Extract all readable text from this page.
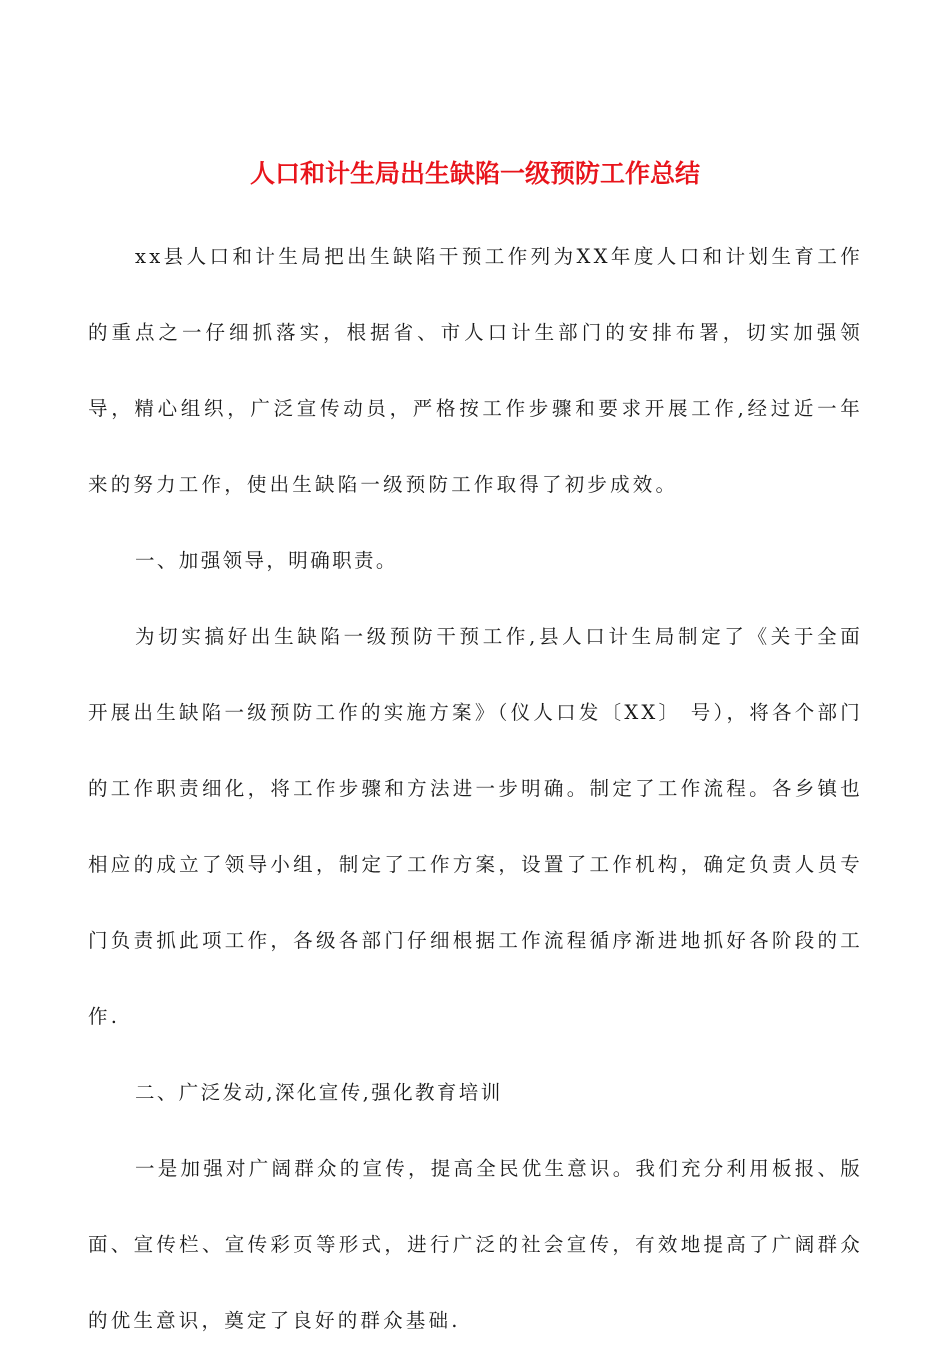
人口和计生局出生缺陷一级预防工作总结

xx县人口和计生局把出生缺陷干预工作列为XX年度人口和计划生育工作的重点之一仔细抓落实，根据省、市人口计生部门的安排布署，切实加强领导，精心组织，广泛宣传动员，严格按工作步骤和要求开展工作,经过近一年来的努力工作，使出生缺陷一级预防工作取得了初步成效。

一、加强领导，明确职责。

为切实搞好出生缺陷一级预防干预工作,县人口计生局制定了《关于全面开展出生缺陷一级预防工作的实施方案》（仪人口发〔XX〕 号），将各个部门的工作职责细化，将工作步骤和方法进一步明确。制定了工作流程。各乡镇也相应的成立了领导小组，制定了工作方案，设置了工作机构，确定负责人员专门负责抓此项工作，各级各部门仔细根据工作流程循序渐进地抓好各阶段的工作.

二、广泛发动,深化宣传,强化教育培训

一是加强对广阔群众的宣传，提高全民优生意识。我们充分利用板报、版面、宣传栏、宣传彩页等形式，进行广泛的社会宣传，有效地提高了广阔群众的优生意识，奠定了良好的群众基础.
